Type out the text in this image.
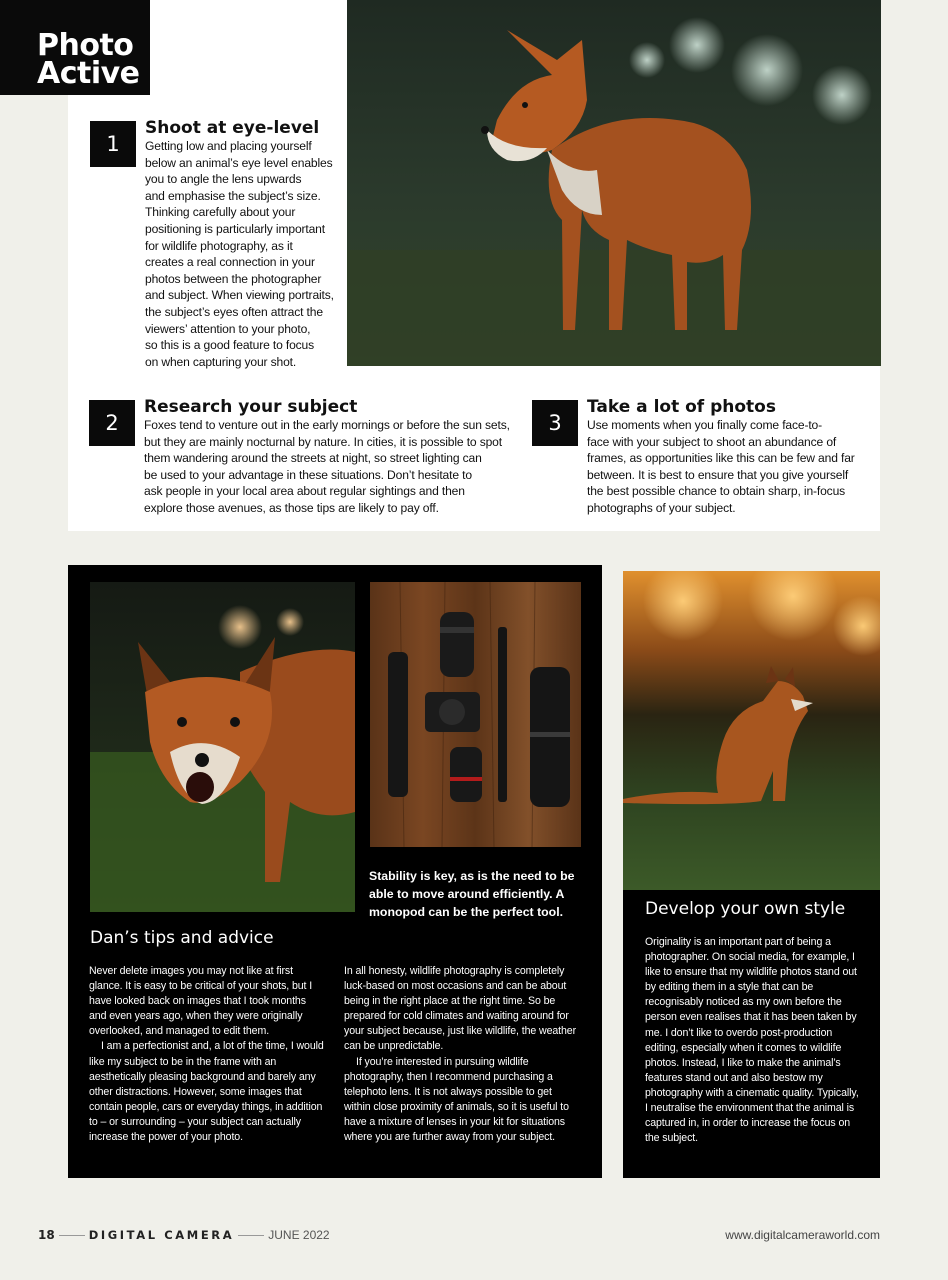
Photo
Active
1
Shoot at eye-level
Getting low and placing yourself
below an animal’s eye level enables
you to angle the lens upwards
and emphasise the subject’s size.
Thinking carefully about your
positioning is particularly important
for wildlife photography, as it
creates a real connection in your
photos between the photographer
and subject. When viewing portraits,
the subject’s eyes often attract the
viewers’ attention to your photo,
so this is a good feature to focus
on when capturing your shot.
2
Research your subject
Foxes tend to venture out in the early mornings or before the sun sets,
but they are mainly nocturnal by nature. In cities, it is possible to spot
them wandering around the streets at night, so street lighting can
be used to your advantage in these situations. Don’t hesitate to
ask people in your local area about regular sightings and then
explore those avenues, as those tips are likely to pay off.
3
Take a lot of photos
Use moments when you finally come face-to-
face with your subject to shoot an abundance of
frames, as opportunities like this can be few and far
between. It is best to ensure that you give yourself
the best possible chance to obtain sharp, in-focus
photographs of your subject.
Stability is key, as is the need to be
able to move around efficiently. A
monopod can be the perfect tool.
Dan’s tips and advice

Never delete images you may not like at first glance. It is easy to be critical of your shots, but I have looked back on images that I took months and even years ago, when they were originally overlooked, and managed to edit them.

I am a perfectionist and, a lot of the time, I would like my subject to be in the frame with an aesthetically pleasing background and barely any other distractions. However, some images that contain people, cars or everyday things, in addition to – or surrounding – your subject can actually increase the power of your photo.

In all honesty, wildlife photography is completely luck-based on most occasions and can be about being in the right place at the right time. So be prepared for cold climates and waiting around for your subject because, just like wildlife, the weather can be unpredictable.

If you’re interested in pursuing wildlife photography, then I recommend purchasing a telephoto lens. It is not always possible to get within close proximity of animals, so it is useful to have a mixture of lenses in your kit for situations where you are further away from your subject.

Develop your own style
Originality is an important part of being a photographer. On social media, for example, I like to ensure that my wildlife photos stand out by editing them in a style that can be recognisably noticed as my own before the person even realises that it has been taken by me. I don’t like to overdo post-production editing, especially when it comes to wildlife photos. Instead, I like to make the animal’s features stand out and also bestow my photography with a cinematic quality. Typically, I neutralise the environment that the animal is captured in, in order to increase the focus on the subject.
18	DIGITAL CAMERA	JUNE 2022	www.digitalcameraworld.com
